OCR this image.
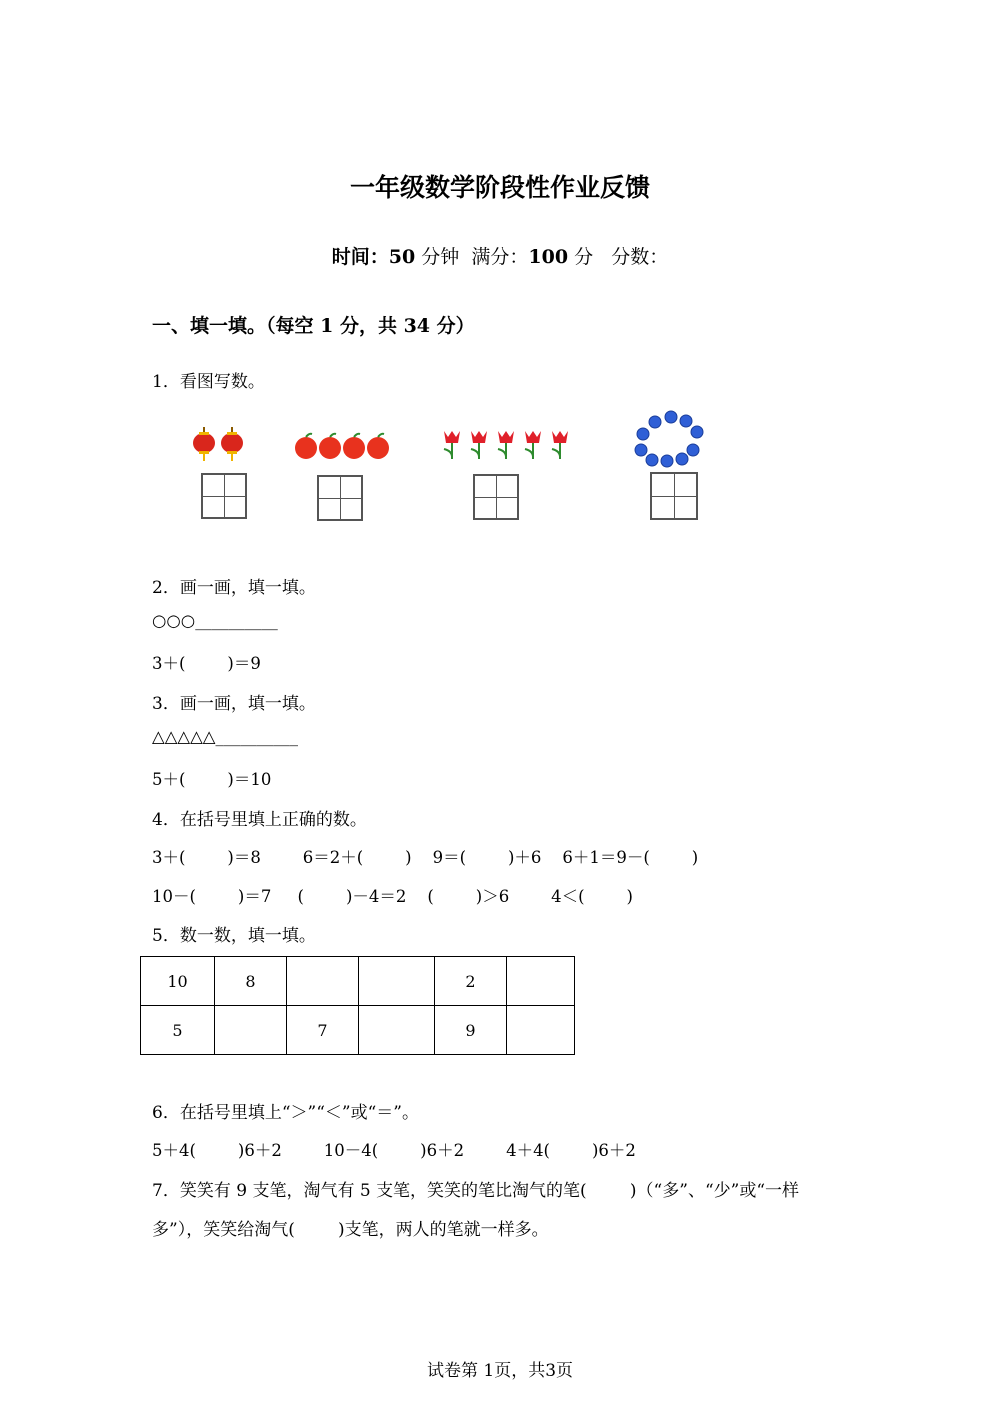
一年级数学阶段性作业反馈
时间：50 分钟  满分：100 分   分数：
一、填一填。（每空 1 分，共 34 分）
1．看图写数。
2．画一画，填一填。
○○○__________
3＋(        )＝9
3．画一画，填一填。
△△△△△__________
5＋(        )＝10
4．在括号里填上正确的数。
3＋(        )＝8        6＝2＋(        )    9＝(        )＋6    6＋1＝9－(        )
10－(        )＝7     (        )－4＝2    (        )＞6        4＜(        )
5．数一数，填一填。
10	8			2	
5		7		9	
6．在括号里填上“＞”“＜”或“＝”。
5＋4(        )6＋2        10－4(        )6＋2        4＋4(        )6＋2
7．笑笑有 9 支笔，淘气有 5 支笔，笑笑的笔比淘气的笔(        )（“多”、“少”或“一样
多”），笑笑给淘气(        )支笔，两人的笔就一样多。
试卷第 1页，共3页
